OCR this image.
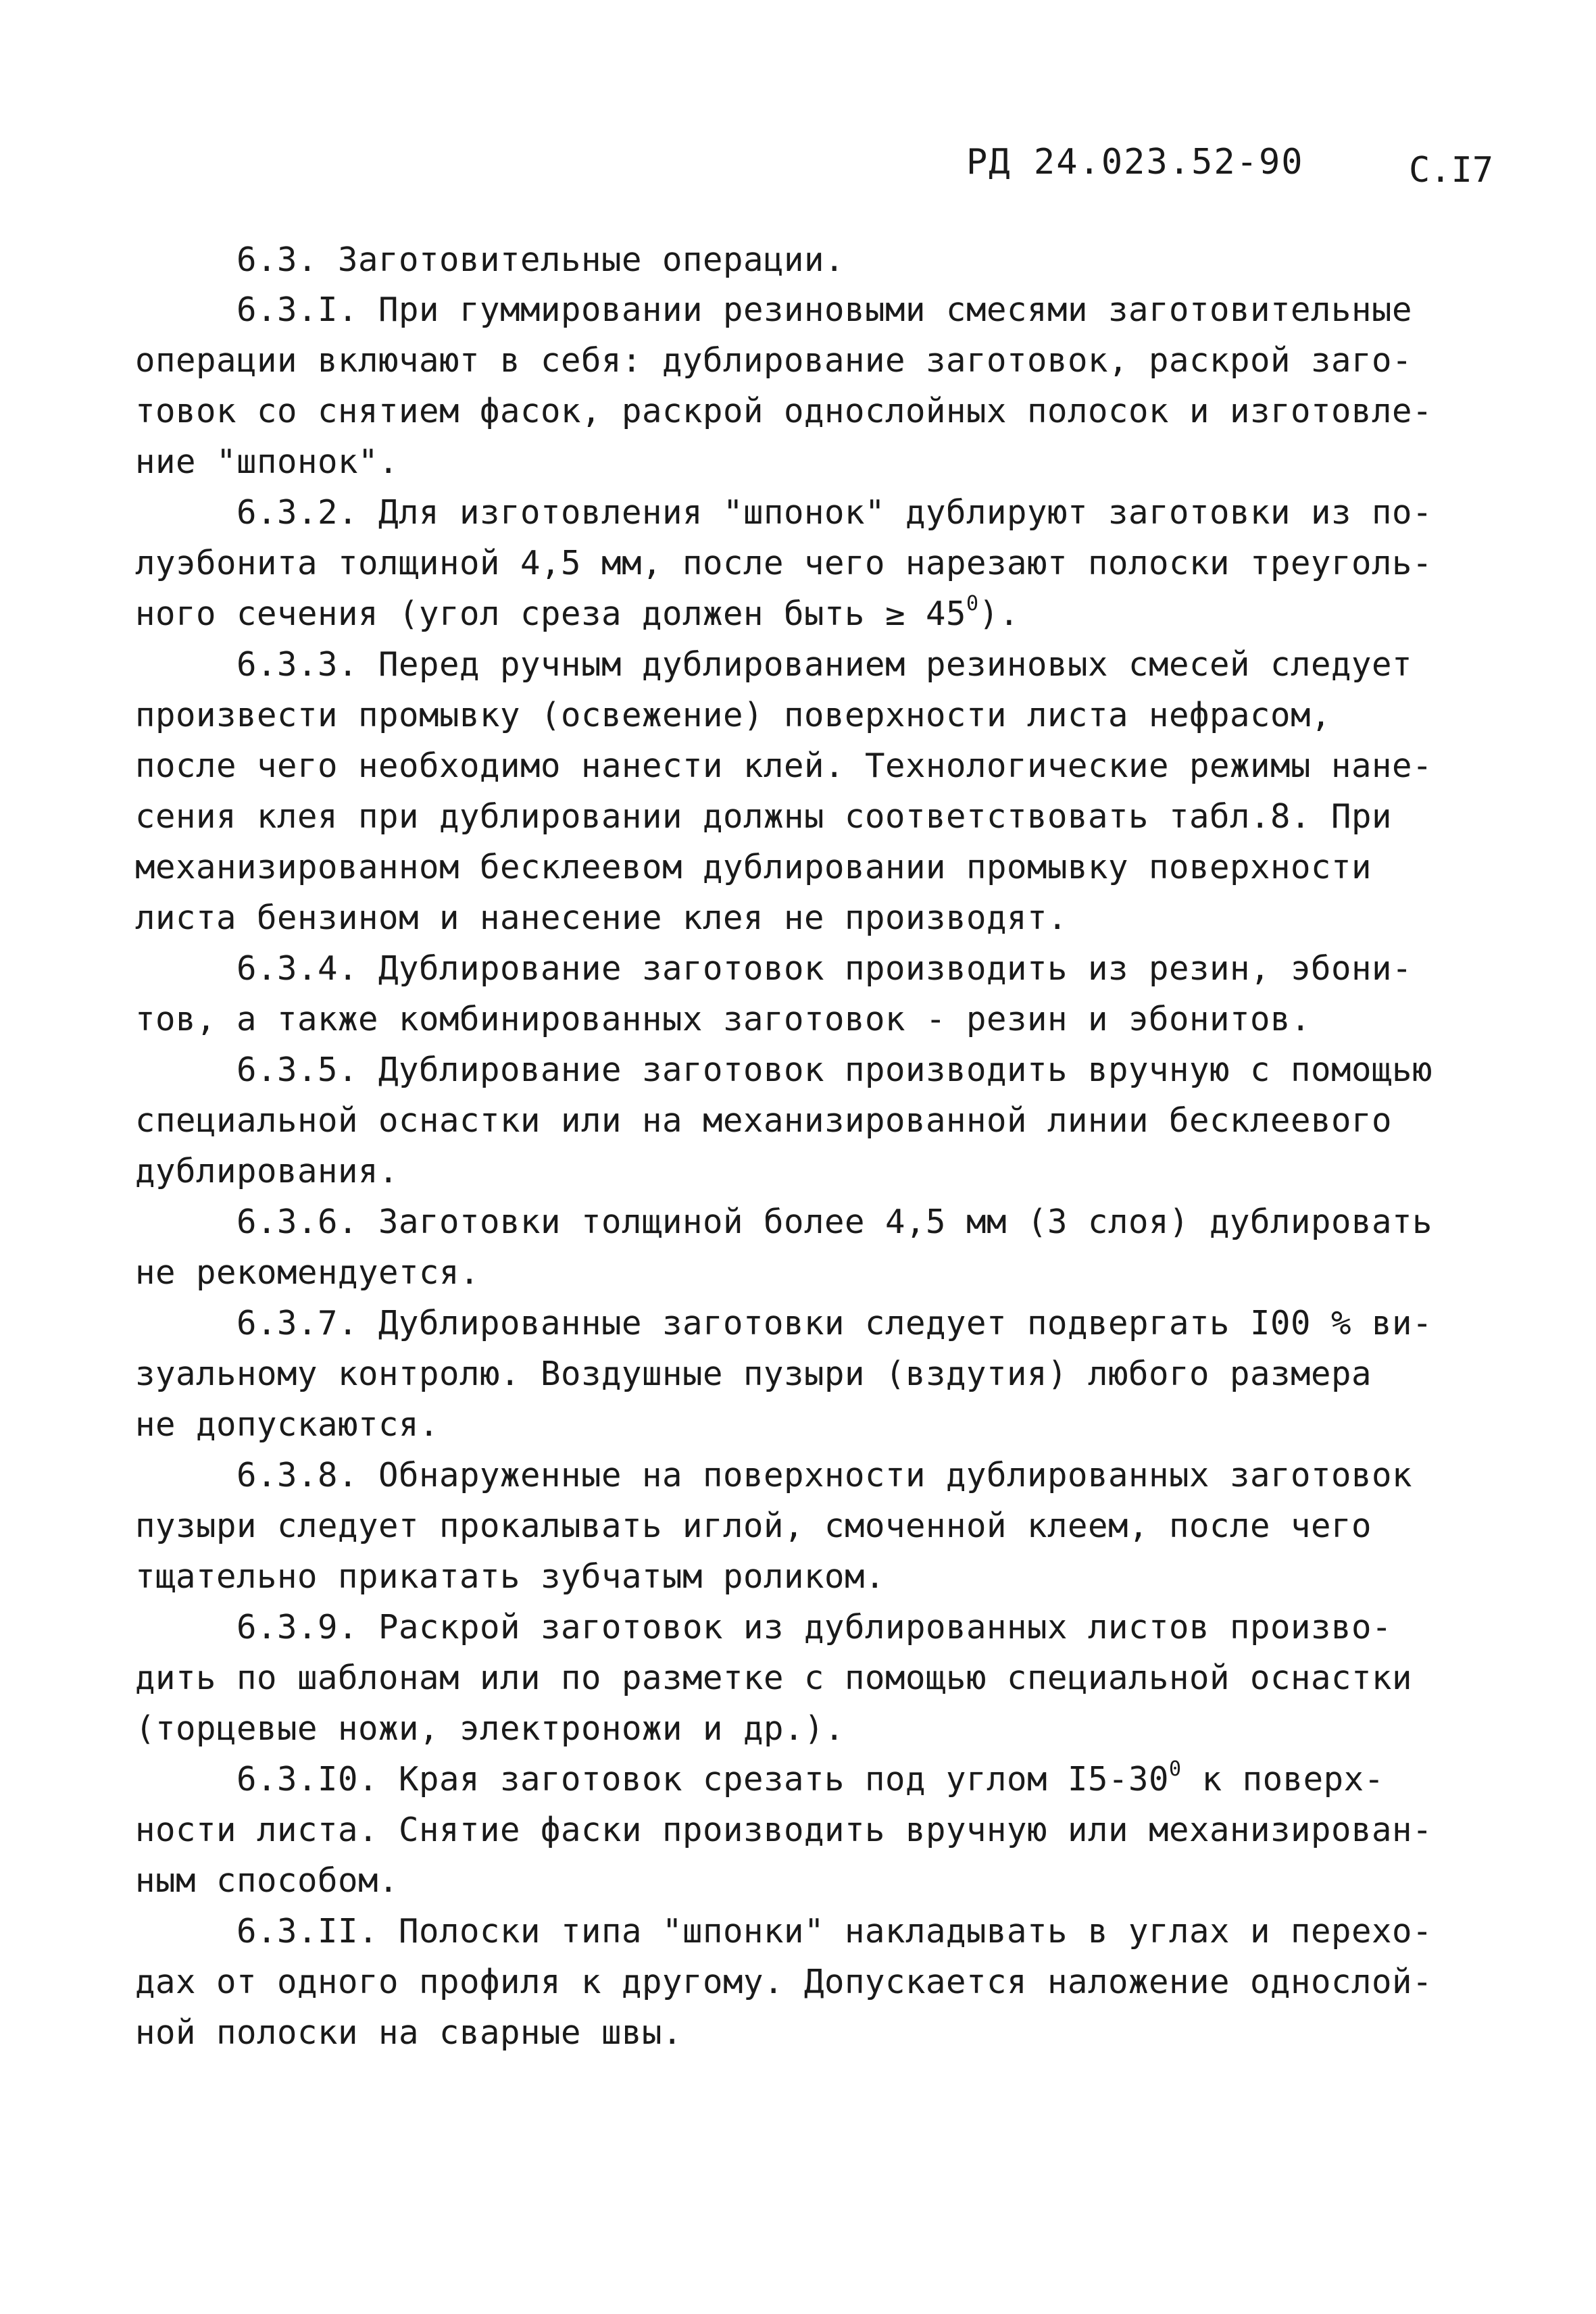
РД 24.023.52-90	С.I7
6.3. Заготовительные операции.
6.3.I. При гуммировании резиновыми смесями заготовительные
операции включают в себя: дублирование заготовок, раскрой заго-
товок со снятием фасок, раскрой однослойных полосок и изготовле-
ние "шпонок".
6.3.2. Для изготовления "шпонок" дублируют заготовки из по-
луэбонита толщиной 4,5 мм, после чего нарезают полоски треуголь-
ного сечения (угол среза должен быть ≥ $45^0$).
6.3.3. Перед ручным дублированием резиновых смесей следует
произвести промывку (освежение) поверхности листа нефрасом,
после чего необходимо нанести клей. Технологические режимы нане-
сения клея при дублировании должны соответствовать табл.8. При
механизированном бесклеевом дублировании промывку поверхности
листа бензином и нанесение клея не производят.
6.3.4. Дублирование заготовок производить из резин, эбони-
тов, а также комбинированных заготовок - резин и эбонитов.
6.3.5. Дублирование заготовок производить вручную с помощью
специальной оснастки или на механизированной линии бесклеевого
дублирования.
6.3.6. Заготовки толщиной более 4,5 мм (3 слоя) дублировать
не рекомендуется.
6.3.7. Дублированные заготовки следует подвергать I00 % ви-
зуальному контролю. Воздушные пузыри (вздутия) любого размера
не допускаются.
6.3.8. Обнаруженные на поверхности дублированных заготовок
пузыри следует прокалывать иглой, смоченной клеем, после чего
тщательно прикатать зубчатым роликом.
6.3.9. Раскрой заготовок из дублированных листов произво-
дить по шаблонам или по разметке с помощью специальной оснастки
(торцевые ножи, электроножи и др.).
6.3.I0. Края заготовок срезать под углом $I5-30^0$ к поверх-
ности листа. Снятие фаски производить вручную или механизирован-
ным способом.
6.3.II. Полоски типа "шпонки" накладывать в углах и перехо-
дах от одного профиля к другому. Допускается наложение однослой-
ной полоски на сварные швы.
